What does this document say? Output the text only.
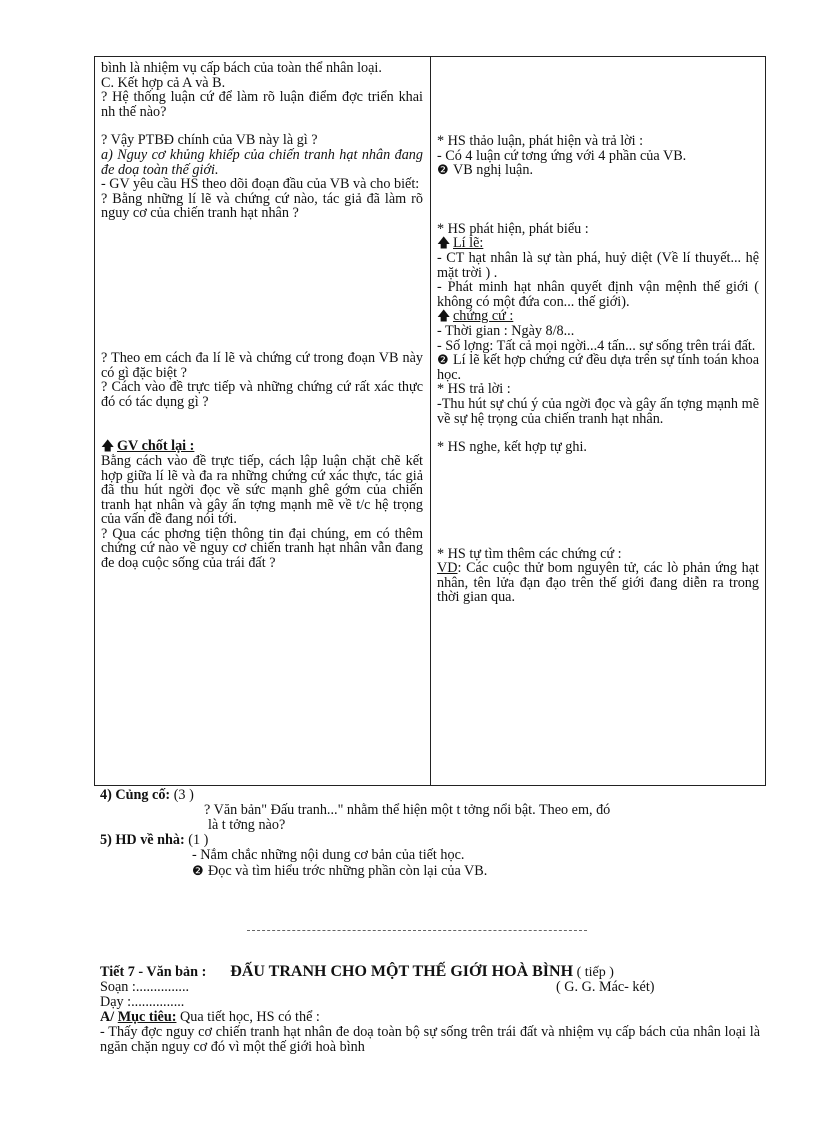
bình là nhiệm vụ cấp bách của toàn thể nhân loại.

C. Kết hợp cả A và B.

? Hệ thống luận cứ để làm rõ luận điểm đợc triển khai nh thế nào?

? Vậy PTBĐ chính của VB này là gì ?

a) Nguy cơ khủng khiếp của chiến tranh hạt nhân đang đe doạ toàn thế giới.

- GV yêu cầu HS theo dõi đoạn đầu của VB và cho biết:

? Bằng những lí lẽ và chứng cứ nào, tác giả đã làm rõ nguy cơ của chiến tranh hạt nhân ?

? Theo em cách đa lí lẽ và chứng cứ trong đoạn VB này có gì đặc biệt ?

? Cách vào đề trực tiếp và những chứng cứ rất xác thực đó có tác dụng gì ?

🡅 GV chốt lại :

Bằng cách vào đề trực tiếp, cách lập luận chặt chẽ kết hợp giữa lí lẽ và đa ra những chứng cứ xác thực, tác giả đã thu hút ngời đọc về sức mạnh ghê gớm của chiến tranh hạt nhân và gây ấn tợng mạnh mẽ về t/c hệ trọng của vấn đề đang nói tới.

? Qua các phơng tiện thông tin đại chúng, em có thêm chứng cứ nào về nguy cơ chiến tranh hạt nhân vẫn đang đe doạ cuộc sống của trái đất ?

* HS thảo luận, phát hiện và trả lời :

- Có 4 luận cứ tơng ứng với 4 phần của VB.

❷ VB nghị luận.

* HS phát hiện, phát biểu :

🡅 Lí lẽ:

- CT hạt nhân là sự tàn phá, huỷ diệt (Về lí thuyết... hệ mặt trời ) .

- Phát minh hạt nhân quyết định vận mệnh thế giới ( không có một đứa con... thế giới).

🡅 chứng cứ :

- Thời gian : Ngày 8/8...

- Số lợng: Tất cả mọi ngời...4 tấn... sự sống trên trái đất.

❷ Lí lẽ kết hợp chứng cứ đều dựa trên sự tính toán khoa học.

* HS trả lời :

-Thu hút sự chú ý của ngời đọc và gây ấn tợng mạnh mẽ về sự hệ trọng của chiến tranh hạt nhân.

* HS nghe, kết hợp tự ghi.

* HS tự tìm thêm các chứng cứ :

VD: Các cuộc thử bom nguyên tử, các lò phản ứng hạt nhân, tên lửa đạn đạo trên thế giới đang diễn ra trong thời gian qua.

4) Củng cố: (3 )
? Văn bản" Đấu tranh..." nhằm thể hiện một t tởng nổi bật. Theo em, đó
là t tởng nào?
5) HD về nhà: (1 )
- Nắm chắc những nội dung cơ bản của tiết học.
❷ Đọc và tìm hiểu trớc những phần còn lại của VB.
Tiết 7 - Văn bản : ĐẤU TRANH CHO MỘT THẾ GIỚI HOÀ BÌNH ( tiếp )
( G. G. Mác- két)
Soạn :...............
Dạy :...............
A/ Mục tiêu: Qua tiết học, HS có thể :
- Thấy đợc nguy cơ chiến tranh hạt nhân đe doạ toàn bộ sự sống trên trái đất và nhiệm vụ cấp bách của nhân loại là ngăn chặn nguy cơ đó vì một thế giới hoà bình
